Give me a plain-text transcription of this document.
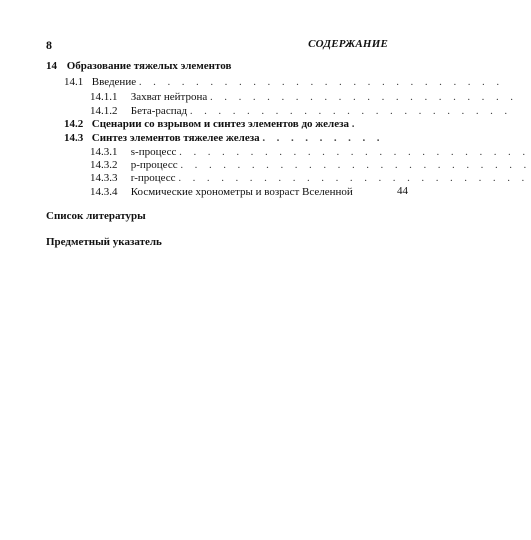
8	СОДЕРЖАНИЕ
14 Образование тяжелых элементов
14.1 Введение . . . . . . . . . . . . . . . . . . . . . . . . . .
14.1.1 Захват нейтрона . . . . . . . . . . . . . . . . . . . . . .
14.1.2 Бета-распад . . . . . . . . . . . . . . . . . . . . . . .
14.2 Сценарии со взрывом и синтез элементов до железа .
14.3 Синтез элементов тяжелее железа . . . . . . . . .
14.3.1 s-процесс . . . . . . . . . . . . . . . . . . . . . . . . .
14.3.2 p-процесс . . . . . . . . . . . . . . . . . . . . . . . . .
14.3.3 r-процесс . . . . . . . . . . . . . . . . . . . . . . . . .
14.3.4 Космические хронометры и возраст Вселенной	44
Список литературы
Предметный указатель
